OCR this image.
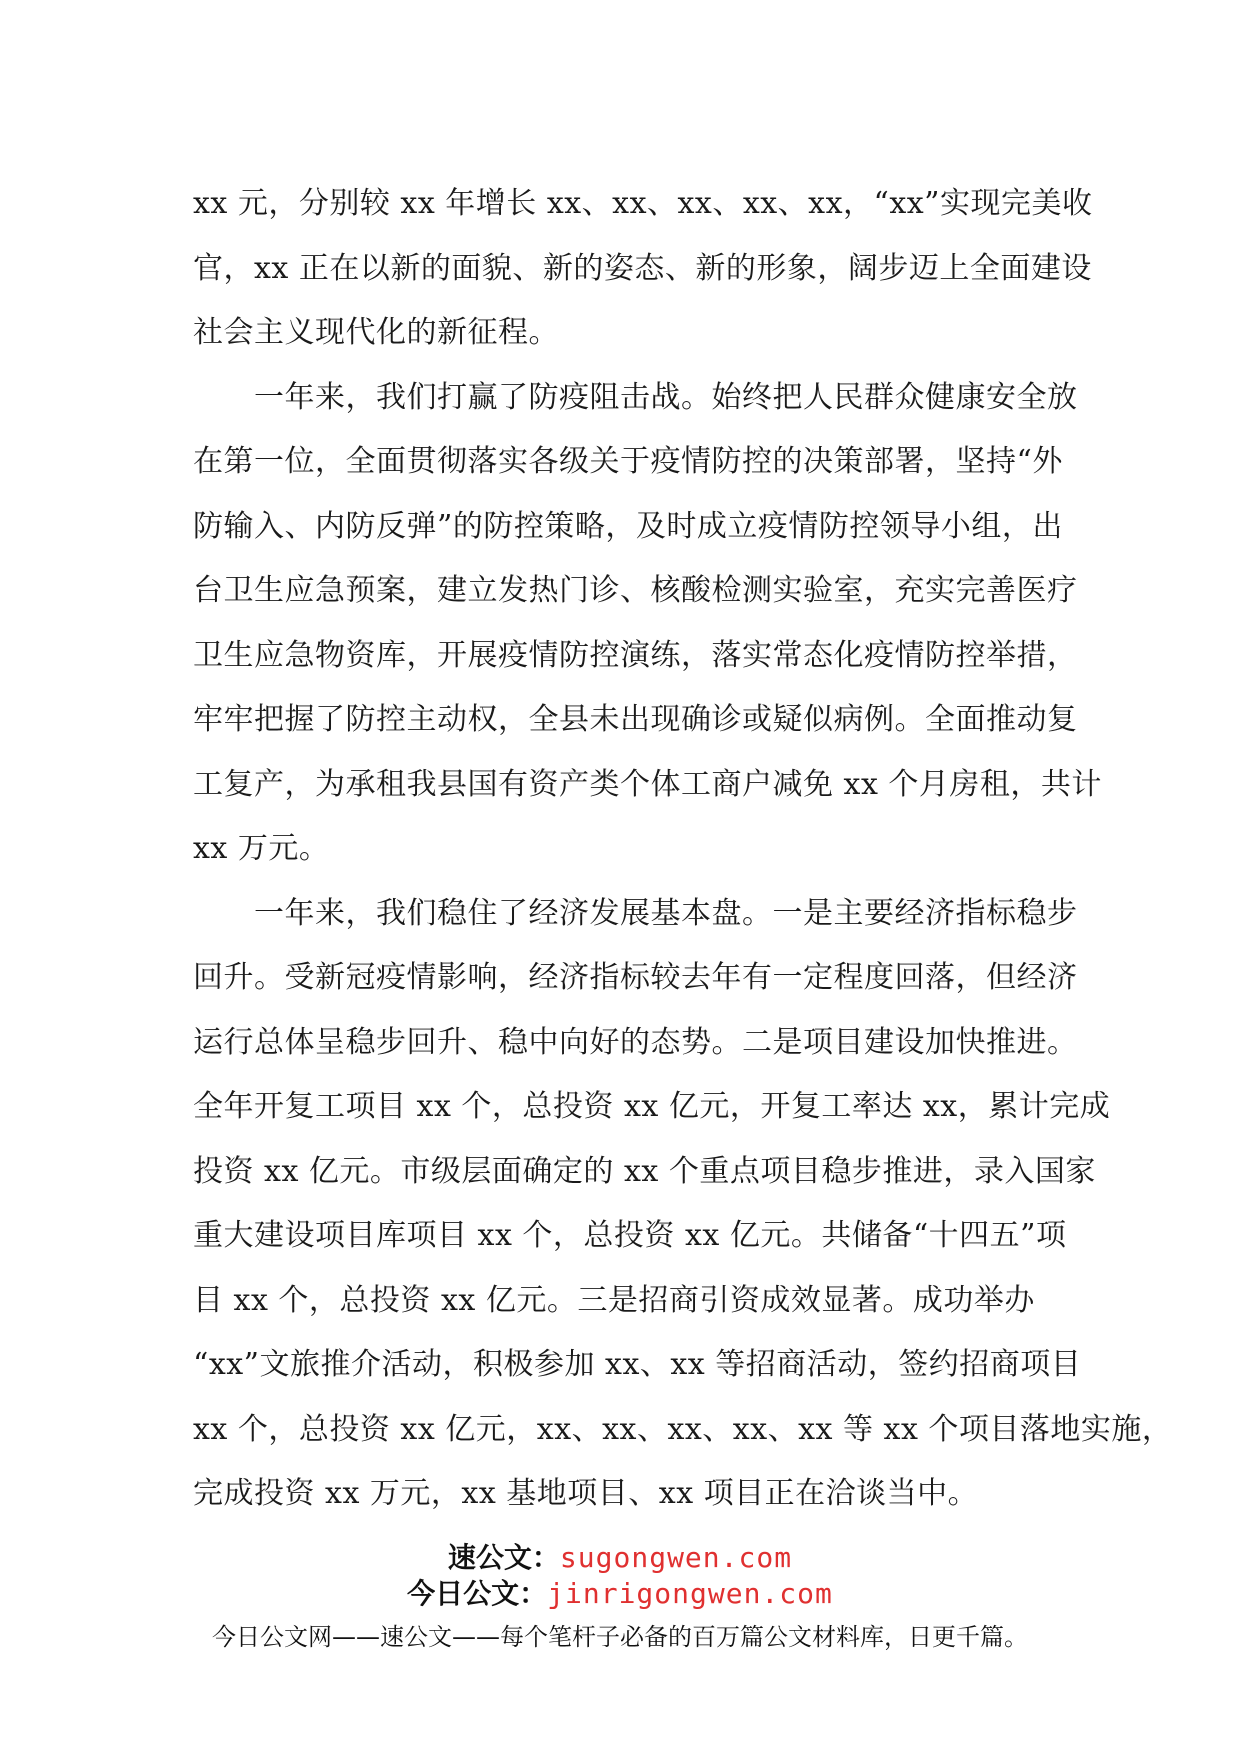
xx 元，分别较 xx 年增长 xx、xx、xx、xx、xx，“xx”实现完美收
官，xx 正在以新的面貌、新的姿态、新的形象，阔步迈上全面建设
社会主义现代化的新征程。
　　一年来，我们打赢了防疫阻击战。始终把人民群众健康安全放
在第一位，全面贯彻落实各级关于疫情防控的决策部署，坚持“外
防输入、内防反弹”的防控策略，及时成立疫情防控领导小组，出
台卫生应急预案，建立发热门诊、核酸检测实验室，充实完善医疗
卫生应急物资库，开展疫情防控演练，落实常态化疫情防控举措，
牢牢把握了防控主动权，全县未出现确诊或疑似病例。全面推动复
工复产，为承租我县国有资产类个体工商户减免 xx 个月房租，共计
xx 万元。
　　一年来，我们稳住了经济发展基本盘。一是主要经济指标稳步
回升。受新冠疫情影响，经济指标较去年有一定程度回落，但经济
运行总体呈稳步回升、稳中向好的态势。二是项目建设加快推进。
全年开复工项目 xx 个，总投资 xx 亿元，开复工率达 xx，累计完成
投资 xx 亿元。市级层面确定的 xx 个重点项目稳步推进，录入国家
重大建设项目库项目 xx 个，总投资 xx 亿元。共储备“十四五”项
目 xx 个，总投资 xx 亿元。三是招商引资成效显著。成功举办
“xx”文旅推介活动，积极参加 xx、xx 等招商活动，签约招商项目
xx 个，总投资 xx 亿元，xx、xx、xx、xx、xx 等 xx 个项目落地实施，
完成投资 xx 万元，xx 基地项目、xx 项目正在洽谈当中。
速公文：sugongwen.com
今日公文：jinrigongwen.com
今日公文网——速公文——每个笔杆子必备的百万篇公文材料库，日更千篇。
